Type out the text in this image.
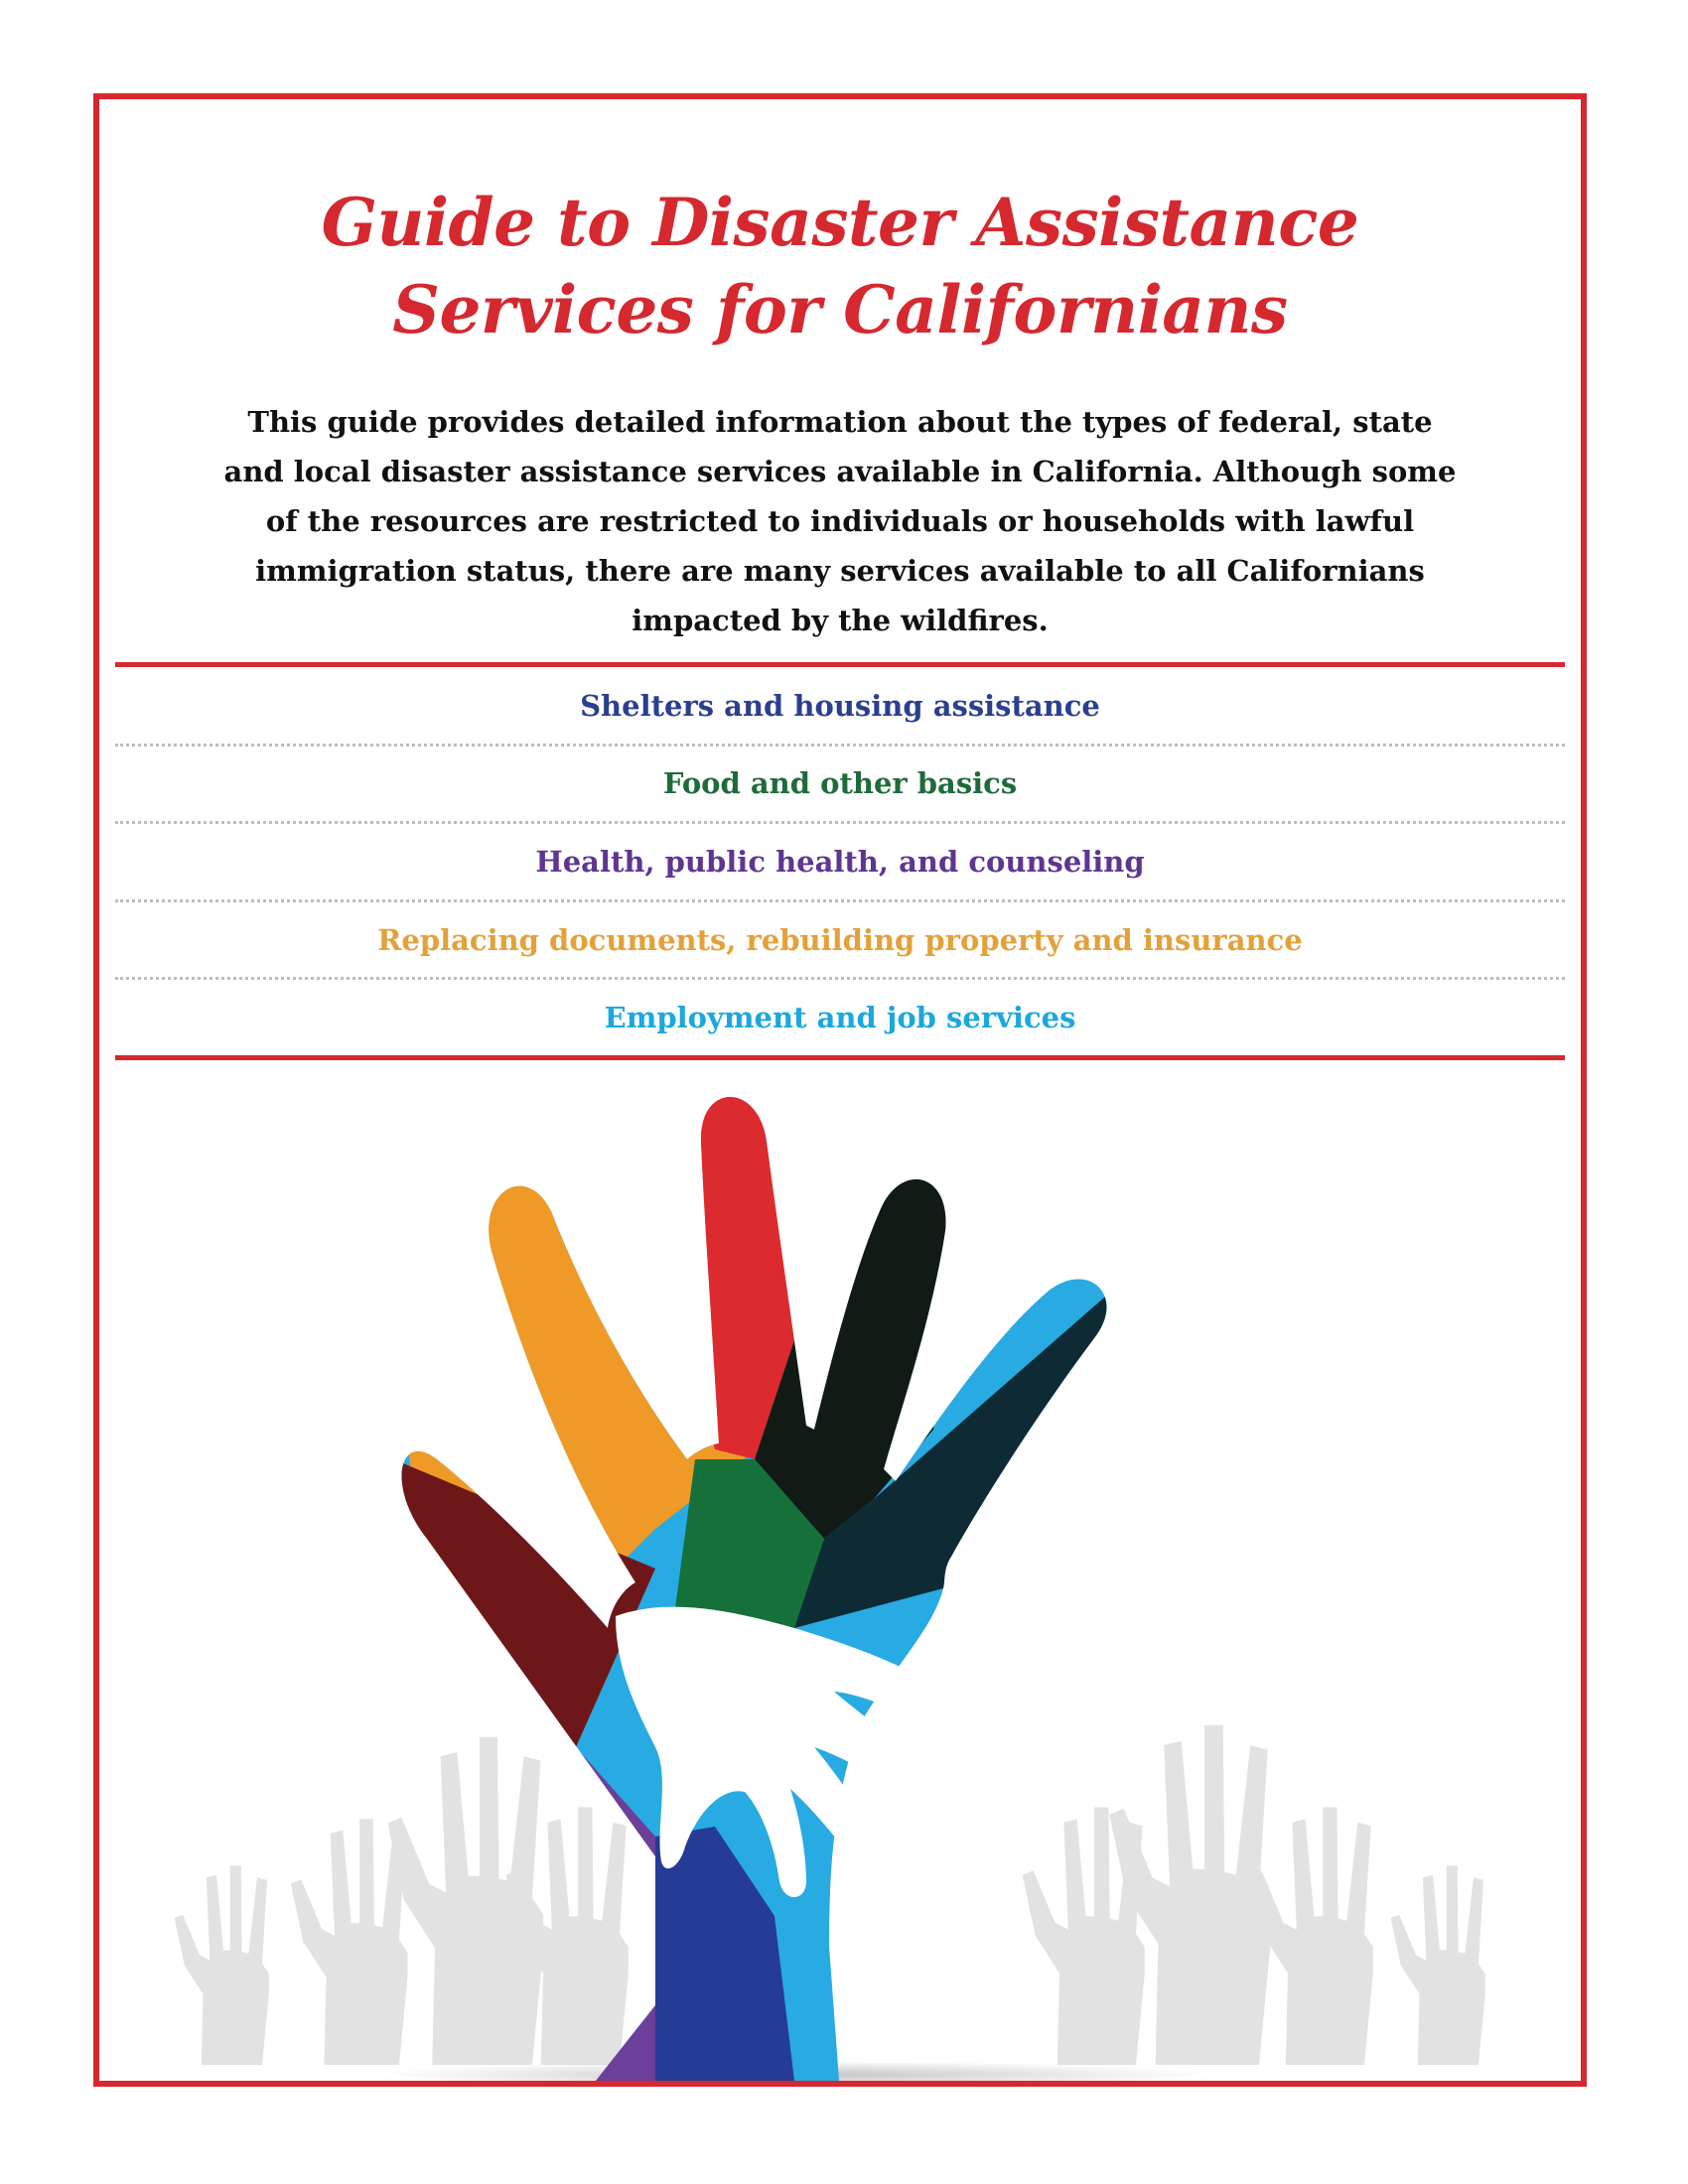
Guide to Disaster Assistance
Services for Californians

This guide provides detailed information about the types of federal, state
and local disaster assistance services available in California. Although some
of the resources are restricted to individuals or households with lawful
immigration status, there are many services available to all Californians
impacted by the wildfires.

Shelters and housing assistance
Food and other basics
Health, public health, and counseling
Replacing documents, rebuilding property and insurance
Employment and job services
